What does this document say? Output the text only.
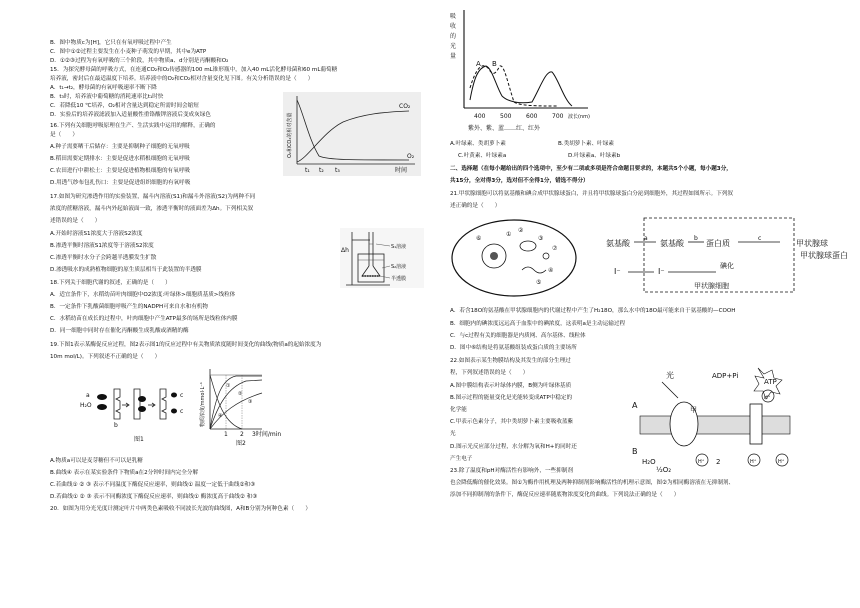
B．图中物质c为[H]，它只在有氧呼吸过程中产生
C．图中①②过程主要发生在小麦种子萌发的早期，其中e为ATP
D．①②③过程为有氧呼吸的三个阶段，其中物质a、d分别是丙酮酸和O₂
15．为探究酵母菌的呼吸方式，在连通CO₂和O₂传感器的100 mL锥形瓶中，加入40 mL活化酵母菌和60 mL葡萄糖
培养液，密封后在最适温度下培养。培养液中的O₂和CO₂相对含量变化见下图。有关分析错误的是（　　）
A．t₁→t₂，酵母菌的有氧呼吸速率不断下降
B．t₃时，培养液中葡萄糖的消耗速率比t₁时快
C．若降低10 ℃培养，O₂相对含量达到稳定所需时间会缩短
D．实验后的培养液滤液加入适量酸性重铬酸钾溶液后变成灰绿色
16.下列有关细胞呼吸原理在生产、生活实践中运用的解释，正确的
是（　　）
A.种子需要晒干后储存：主要是抑制种子细胞的无氧呼吸
B.稻田需要定期排水：主要是促进水稻根细胞的无氧呼吸
C.农田进行中耕松土：主要是促进植物根细胞的有氧呼吸
D.用透气纱布包扎伤口：主要是促进组织细胞的有氧呼吸
17.如图为研究渗透作用的实验装置，漏斗内溶液(S1)和漏斗外溶液(S2)为两种不同
浓度的蔗糖溶液，漏斗内外起始液面一致，渗透平衡时的液面差为Δh。下列相关叙
述错误的是（　　）
A.开始时溶液S1浓度大于溶液S2浓度
B.渗透平衡时溶液S1浓度等于溶液S2浓度
C.渗透平衡时水分子会跨越半透膜发生扩散
D.渗透吸水的成熟植物细胞的原生质层相当于此装置的半透膜
18.下列关于细胞代谢的叙述，正确的是（　　）
A．适宜条件下，水稻幼苗叶肉细胞中O2浓度:叶绿体>细胞质基质>线粒体
B．一定条件下乳酸菌细胞呼吸产生的NADPH可来自水和有机物
C．水稻幼苗在成长的过程中，叶肉细胞中产生ATP最多的场所是线粒体内膜
D．同一细胞中同时存在催化丙酮酸生成乳酸或酒精的酶
19.下图1表示某酶促反应过程，图2表示图1的反应过程中有关物质浓度随时间变化的曲线(物质a的起始浓度为
10m mol/L)。下列叙述不正确的是（　　）
A.物质a可以是麦芽糖但不可以是乳糖
B.曲线④ 表示在某实验条件下物质a在2分钟时间内完全分解
C.若曲线① ② ③ 表示不同温度下酶促反应速率，则曲线① 温度一定低于曲线②和③
D.若曲线① ② ③ 表示不同酶浓度下酶促反应速率，则曲线① 酶浓度高于曲线② 和③
20．如图为用分光光度计测定叶片中两类色素吸收不同波长光波的曲线图，A和B分别为何种色素（　　）
CO₂
O₂
t₁ t₂ t₃	时间
O₂和CO₂的相对含量
Δh	S₁溶液
S₂溶液
半透膜
H₂O
a
b
c
c
图1
物质浓度/mmol·L⁻¹	①
②
③
④
1 2 3时间/min
图2
A.叶绿素、类胡萝卜素	B.类胡萝卜素、叶绿素
C.叶黄素、叶绿素a	D.叶绿素a、叶绿素b
二、选择题（在每小题给出的四个选项中，至少有二项或多项是符合命题目要求的，本题共5个小题，每小题3分，
共15分，全对得3分，选对但不全得1分，错选不得分）
21.甲状腺细胞可以将氨基酸和碘合成甲状腺球蛋白，并且将甲状腺球蛋白分泌到细胞外，其过程如图所示。下列叙
述正确的是（　　）
A．若含18O的氨基酸在甲状腺细胞内的代谢过程中产生了H₂18O，那么水中的18O最可能来自于氨基酸的—COOH
B．细胞内的碘浓度远远高于血浆中的碘浓度，这表明a是主动运输过程
C．与c过程有关的细胞器是内质网、高尔基体、线粒体
D．图中⑥结构是将氨基酸组装成蛋白质的主要场所
22.如图表示某生物膜结构及其发生的部分生理过
程，下列叙述错误的是（　　）
A.图中膜结构表示叶绿体内膜，B侧为叶绿体基质
B.图示过程的能量变化是光能转变成ATP中稳定的
化学能
C.甲表示色素分子，其中类胡萝卜素主要吸收蓝紫
光
D.图示光反应部分过程，水分解为氧和H+的同时还
产生电子
23.除了温度和pH对酶活性有影响外，一些抑制剂
也会降低酶的催化效果。图①为酶作用机理及两种抑制剂影响酶活性的机理示意图，图②为相同酶溶液在无抑制剂、
添加不同抑制剂的条件下，酶促反应速率随底物浓度变化的曲线。下列说法正确的是（　　）
吸
收
的
光
量
A B
400 500 600 700 波长(nm)
紫外、紫、蓝……红、红外
①
②
③
④
⑤
⑥
⑦
氨基酸
a
氨基酸
b
蛋白质
c
甲状腺球
甲状腺球蛋白
碘化
I⁻	I⁻
甲状腺细胞
光
A
B
甲
H₂O
½O₂
H⁺ 2
ADP+Pi
ATP
H⁺
H⁺	H⁺
